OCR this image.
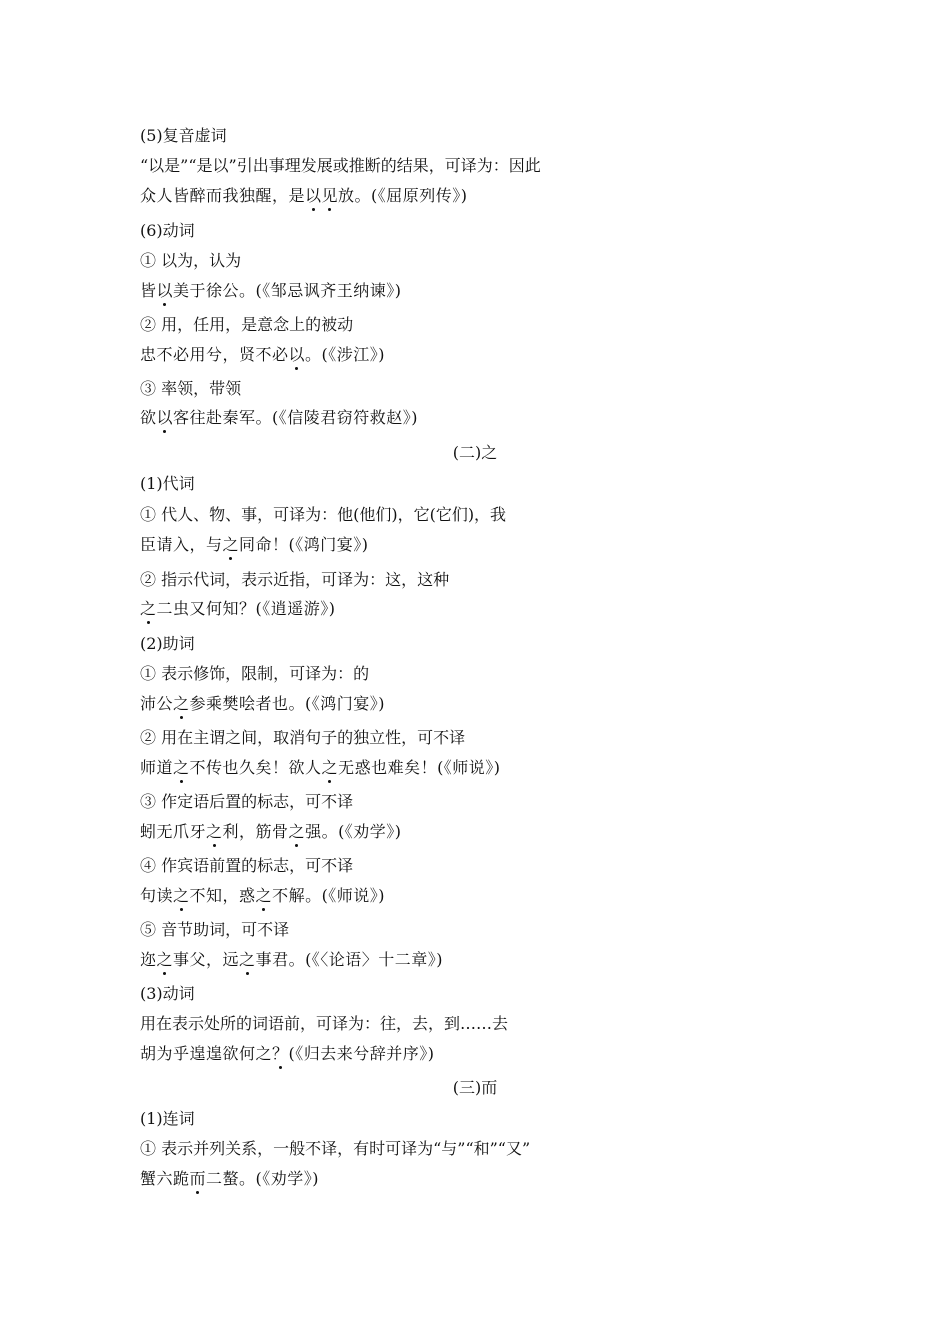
(5)复音虚词
“以是”“是以”引出事理发展或推断的结果，可译为：因此
众人皆醉而我独醒，是以见放。(《屈原列传》)
(6)动词
① 以为，认为
皆以美于徐公。(《邹忌讽齐王纳谏》)
② 用，任用，是意念上的被动
忠不必用兮，贤不必以。(《涉江》)
③ 率领，带领
欲以客往赴秦军。(《信陵君窃符救赵》)
(二)之
(1)代词
① 代人、物、事，可译为：他(他们)，它(它们)，我
臣请入，与之同命！(《鸿门宴》)
② 指示代词，表示近指，可译为：这，这种
之二虫又何知？(《逍遥游》)
(2)助词
① 表示修饰，限制，可译为：的
沛公之参乘樊哙者也。(《鸿门宴》)
② 用在主谓之间，取消句子的独立性，可不译
师道之不传也久矣！欲人之无惑也难矣！(《师说》)
③ 作定语后置的标志，可不译
蚓无爪牙之利，筋骨之强。(《劝学》)
④ 作宾语前置的标志，可不译
句读之不知，惑之不解。(《师说》)
⑤ 音节助词，可不译
迩之事父，远之事君。(《〈论语〉十二章》)
(3)动词
用在表示处所的词语前，可译为：往，去，到……去
胡为乎遑遑欲何之？(《归去来兮辞并序》)
(三)而
(1)连词
① 表示并列关系，一般不译，有时可译为“与”“和”“又”
蟹六跪而二螯。(《劝学》)
